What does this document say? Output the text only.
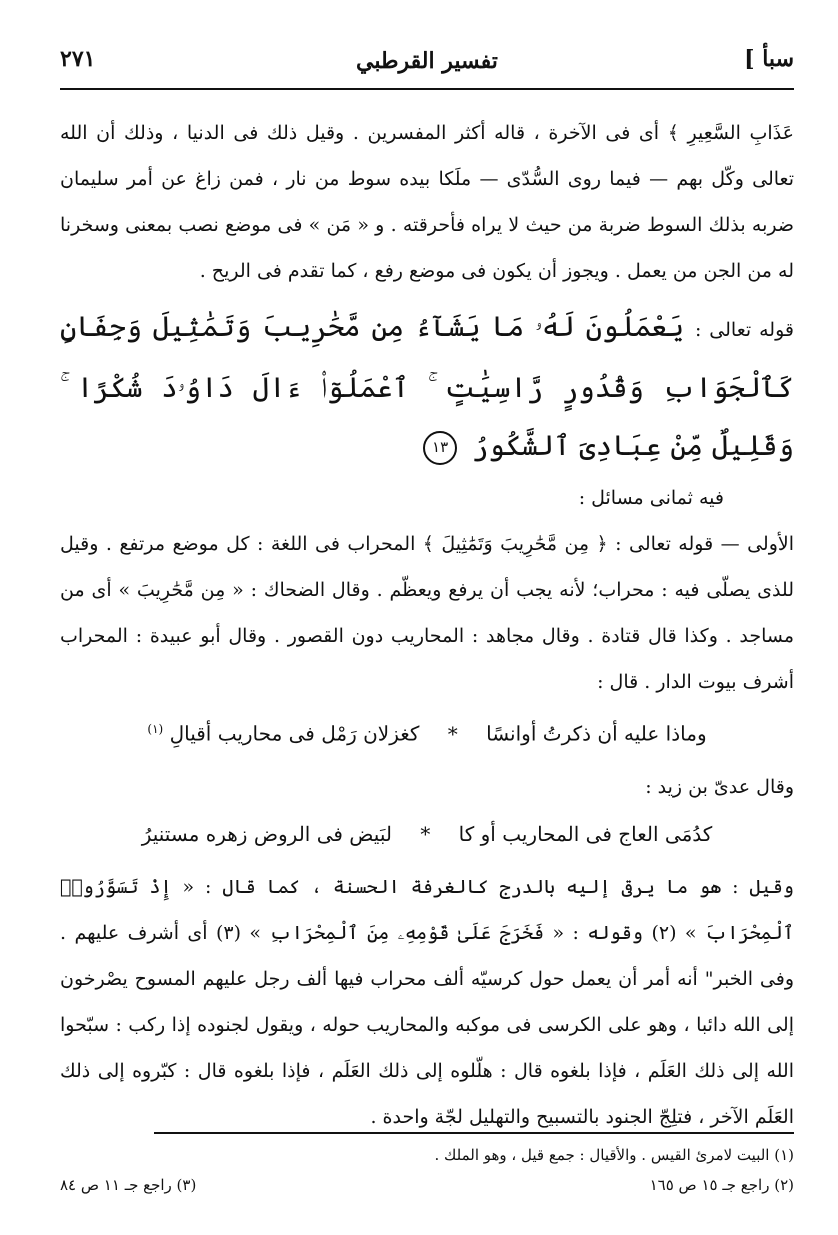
سبأ ]
تفسير القرطبي
٢٧١

عَذَابِ السَّعِيرِ ﴾ أى فى الآخرة ، قاله أكثر المفسرين . وقيل ذلك فى الدنيا ، وذلك أن الله تعالى وكّل بهم — فيما روى السُّدّى — ملَكا بيده سوط من نار ، فمن زاغ عن أمر سليمان ضربه بذلك السوط ضربة من حيث لا يراه فأحرقته . و « مَن » فى موضع نصب بمعنى وسخرنا له من الجن من يعمل . ويجوز أن يكون فى موضع رفع ، كما تقدم فى الريح .

قوله تعالى : يَعْمَلُونَ لَهُۥ مَا يَشَآءُ مِن مَّحَٰرِيبَ وَتَمَٰثِيلَ وَجِفَانٍ كَٱلْجَوَابِ وَقُدُورٍ رَّاسِيَٰتٍ ۚ ٱعْمَلُوٓا۟ ءَالَ دَاوُۥدَ شُكْرًا ۚ وَقَلِيلٌ مِّنْ عِبَادِىَ ٱلشَّكُورُ ١٣

فيه ثمانى مسائل :

الأولى — قوله تعالى : ﴿ مِن مَّحَٰرِيبَ وَتَمَٰثِيلَ ﴾ المحراب فى اللغة : كل موضع مرتفع . وقيل للذى يصلّى فيه : محراب؛ لأنه يجب أن يرفع ويعظّم . وقال الضحاك : « مِن مَّحَٰرِيبَ » أى من مساجد . وكذا قال قتادة . وقال مجاهد : المحاريب دون القصور . وقال أبو عبيدة : المحراب أشرف بيوت الدار . قال :

وماذا عليه أن ذكرتُ أوانسًا * كغزلان رَمْل فى محاريب أقيالِ $^{(١)}$

وقال عدىّ بن زيد :

كدُمَى العاج فى المحاريب أو كا * لبَيض فى الروض زهره مستنيرُ

وقيل : هو ما يرقى إليه بالدرج كالغرفة الحسنة ، كما قال : « إِذْ تَسَوَّرُوا۟ ٱلْمِحْرَابَ » (٢) وقوله : « فَخَرَجَ عَلَىٰ قَوْمِهِۦ مِنَ ٱلْمِحْرَابِ » (٣) أى أشرف عليهم . وفى الخبر" أنه أمر أن يعمل حول كرسيّه ألف محراب فيها ألف رجل عليهم المسوح يصْرخون إلى الله دائبا ، وهو على الكرسى فى موكبه والمحاريب حوله ، ويقول لجنوده إذا ركب : سبّحوا الله إلى ذلك العَلَم ، فإذا بلغوه قال : هلّلوه إلى ذلك العَلَم ، فإذا بلغوه قال : كبّروه إلى ذلك العَلَم الآخر ، فتلِجّ الجنود بالتسبيح والتهليل لجّة واحدة .

(١) البيت لامرئ القيس . والأقيال : جمع قيل ، وهو الملك .
(٢) راجع جـ ١٥ ص ١٦٥
(٣) راجع جـ ١١ ص ٨٤
